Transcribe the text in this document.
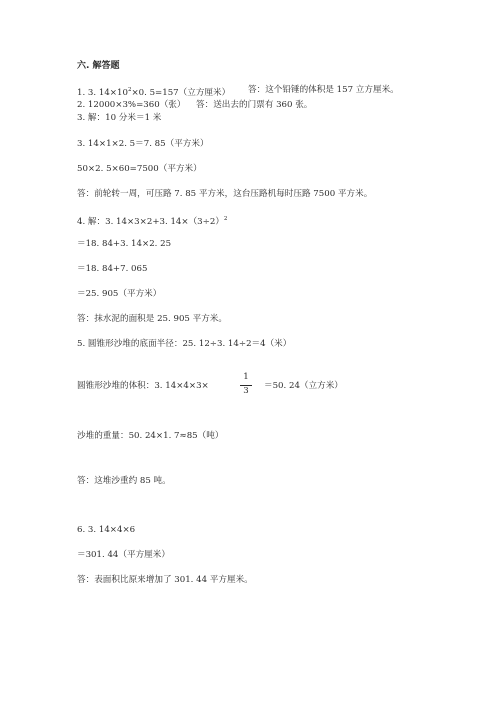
六. 解答题
1. 3. $14\times 10^2\times 0$. 5=157（立方厘米） 答：这个铅锤的体积是 157 立方厘米。
2. 12000×3%=360（张） 答：送出去的门票有 360 张。
3. 解：10 分米＝1 米
3. 14×1×2. 5＝7. 85（平方米）
50×2. 5×60=7500（平方米）
答：前轮转一周，可压路 7. 85 平方米，这台压路机每时压路 7500 平方米。
4. 解：3. 14×3×2+3. $14\times(3\div 2)^2$
＝18. 84+3. 14×2. 25
＝18. 84+7. 065
＝25. 905（平方米）
答：抹水泥的面积是 25. 905 平方米。
5. 圆锥形沙堆的底面半径：25. 12÷3. 14÷2＝4（米）
圆锥形沙堆的体积：3. 14×4×3×
1
3	＝50. 24（立方米）
沙堆的重量：50. 24×1. 7≈85（吨）
答：这堆沙重约 85 吨。
6. 3. 14×4×6
＝301. 44（平方厘米）
答：表面积比原来增加了 301. 44 平方厘米。
